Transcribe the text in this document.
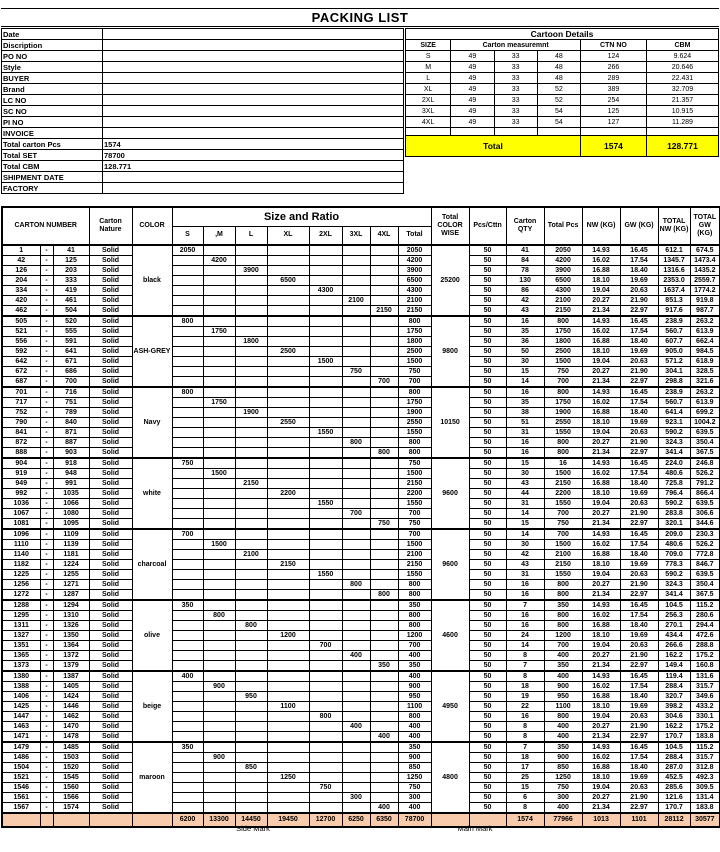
PACKING LIST
Date	
Discription	
PO NO	
Style	
BUYER	
Brand	
LC NO	
SC NO	
PI NO	
INVOICE	
Total carton Pcs	1574
Total SET	78700
Total CBM	128.771
SHIPMENT DATE	
FACTORY	
Cartoon Details					
SIZE	Carton measuremnt			CTN NO	CBM
S	49	33	48	124	9.624
M	49	33	48	266	20.646
L	49	33	48	289	22.431
XL	49	33	52	389	32.709
2XL	49	33	52	254	21.357
3XL	49	33	54	125	10.915
4XL	49	33	54	127	11.289

Total				1574	128.771
CARTON NUMBER			Carton Nature	COLOR	Size and Ratio								Total COLOR WISE	Pcs/Cttn	Carton QTY	Total Pcs	NW (KG)	GW (KG)	TOTAL NW (KG)	TOTAL GW (KG)
					S	,M	L	XL	2XL	3XL	4XL	Total								
1	-	41	Solid	black	2050							2050	25200	50	41	2050	14.93	16.45	612.1	674.5
42	-	125	Solid			4200						4200		50	84	4200	16.02	17.54	1345.7	1473.4
126	-	203	Solid				3900					3900		50	78	3900	16.88	18.40	1316.6	1435.2
204	-	333	Solid					6500				6500		50	130	6500	18.10	19.69	2353.0	2559.7
334	-	419	Solid						4300			4300		50	86	4300	19.04	20.63	1637.4	1774.2
420	-	461	Solid							2100		2100		50	42	2100	20.27	21.90	851.3	919.8
462	-	504	Solid								2150	2150		50	43	2150	21.34	22.97	917.6	987.7
505	-	520	Solid	ASH-GREY	800							800	9800	50	16	800	14.93	16.45	238.9	263.2
521	-	555	Solid			1750						1750		50	35	1750	16.02	17.54	560.7	613.9
556	-	591	Solid				1800					1800		50	36	1800	16.88	18.40	607.7	662.4
592	-	641	Solid					2500				2500		50	50	2500	18.10	19.69	905.0	984.5
642	-	671	Solid						1500			1500		50	30	1500	19.04	20.63	571.2	618.9
672	-	686	Solid							750		750		50	15	750	20.27	21.90	304.1	328.5
687	-	700	Solid								700	700		50	14	700	21.34	22.97	298.8	321.6
701	-	716	Solid	Navy	800							800	10150	50	16	800	14.93	16.45	238.9	263.2
717	-	751	Solid			1750						1750		50	35	1750	16.02	17.54	560.7	613.9
752	-	789	Solid				1900					1900		50	38	1900	16.88	18.40	641.4	699.2
790	-	840	Solid					2550				2550		50	51	2550	18.10	19.69	923.1	1004.2
841	-	871	Solid						1550			1550		50	31	1550	19.04	20.63	590.2	639.5
872	-	887	Solid							800		800		50	16	800	20.27	21.90	324.3	350.4
888	-	903	Solid								800	800		50	16	800	21.34	22.97	341.4	367.5
904	-	918	Solid	white	750							750	9600	50	15	16	14.93	16.45	224.0	246.8
919	-	948	Solid			1500						1500		50	30	1500	16.02	17.54	480.6	526.2
949	-	991	Solid				2150					2150		50	43	2150	16.88	18.40	725.8	791.2
992	-	1035	Solid					2200				2200		50	44	2200	18.10	19.69	796.4	866.4
1036	-	1066	Solid						1550			1550		50	31	1550	19.04	20.63	590.2	639.5
1067	-	1080	Solid							700		700		50	14	700	20.27	21.90	283.8	306.6
1081	-	1095	Solid								750	750		50	15	750	21.34	22.97	320.1	344.6
1096	-	1109	Solid	charcoal	700							700	9600	50	14	700	14.93	16.45	209.0	230.3
1110	-	1139	Solid			1500						1500		50	30	1500	16.02	17.54	480.6	526.2
1140	-	1181	Solid				2100					2100		50	42	2100	16.88	18.40	709.0	772.8
1182	-	1224	Solid					2150				2150		50	43	2150	18.10	19.69	778.3	846.7
1225	-	1255	Solid						1550			1550		50	31	1550	19.04	20.63	590.2	639.5
1256	-	1271	Solid							800		800		50	16	800	20.27	21.90	324.3	350.4
1272	-	1287	Solid								800	800		50	16	800	21.34	22.97	341.4	367.5
1288	-	1294	Solid	olive	350							350	4600	50	7	350	14.93	16.45	104.5	115.2
1295	-	1310	Solid			800						800		50	16	800	16.02	17.54	256.3	280.6
1311	-	1326	Solid				800					800		50	16	800	16.88	18.40	270.1	294.4
1327	-	1350	Solid					1200				1200		50	24	1200	18.10	19.69	434.4	472.6
1351	-	1364	Solid						700			700		50	14	700	19.04	20.63	266.6	288.8
1365	-	1372	Solid							400		400		50	8	400	20.27	21.90	162.2	175.2
1373	-	1379	Solid								350	350		50	7	350	21.34	22.97	149.4	160.8
1380	-	1387	Solid	beige	400							400	4950	50	8	400	14.93	16.45	119.4	131.6
1388	-	1405	Solid			900						900		50	18	900	16.02	17.54	288.4	315.7
1406	-	1424	Solid				950					950		50	19	950	16.88	18.40	320.7	349.6
1425	-	1446	Solid					1100				1100		50	22	1100	18.10	19.69	398.2	433.2
1447	-	1462	Solid						800			800		50	16	800	19.04	20.63	304.6	330.1
1463	-	1470	Solid							400		400		50	8	400	20.27	21.90	162.2	175.2
1471	-	1478	Solid								400	400		50	8	400	21.34	22.97	170.7	183.8
1479	-	1485	Solid	maroon	350							350	4800	50	7	350	14.93	16.45	104.5	115.2
1486	-	1503	Solid			900						900		50	18	900	16.02	17.54	288.4	315.7
1504	-	1520	Solid				850					850		50	17	850	16.88	18.40	287.0	312.8
1521	-	1545	Solid					1250				1250		50	25	1250	18.10	19.69	452.5	492.3
1546	-	1560	Solid						750			750		50	15	750	19.04	20.63	285.6	309.5
1561	-	1566	Solid							300		300		50	6	300	20.27	21.90	121.6	131.4
1567	-	1574	Solid								400	400		50	8	400	21.34	22.97	170.7	183.8
					6200	13300	14450	19450	12700	6250	6350	78700			1574	77966	1013	1101	28112	30577
Side Mark	Main Mark
